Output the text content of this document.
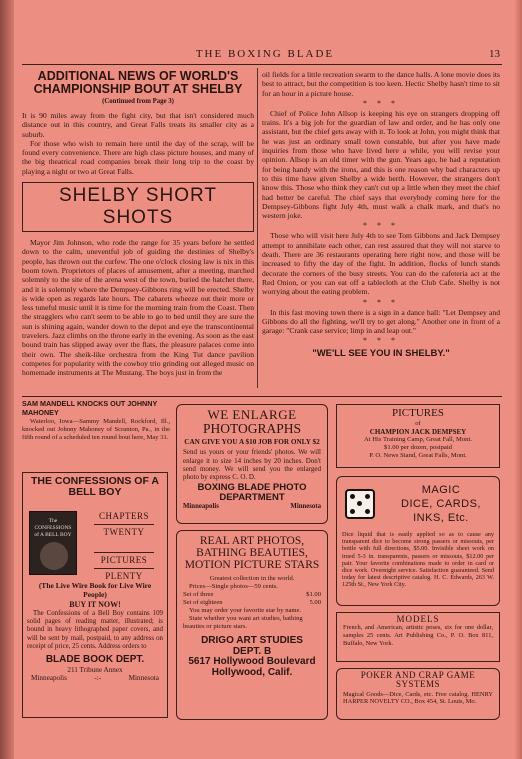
THE BOXING BLADE	13
ADDITIONAL NEWS OF WORLD'S CHAMPIONSHIP BOUT AT SHELBY
(Continued from Page 3)

It is 90 miles away from the fight city, but that isn't considered much distance out in this country, and Great Falls treats its smaller city as a suburb.

For those who wish to remain here until the day of the scrap, will be found every convenience. There are high class picture houses, and many of the big theatrical road companies break their long trip to the coast by playing a night or two at Great Falls.

SHELBY SHORT SHOTS

Mayor Jim Johnson, who rode the range for 35 years before he settled down to the calm, uneventful job of guiding the destinies of Shelby's people, has thrown out the curfew. The one o'clock closing law is nix in this boom town. Proprietors of places of amusement, after a meeting, marched solemnly to the site of the arena west of the town, buried the hatchet there, and it is solemnly where the Dempsey-Gibbons ring will be erected. Shelby is wide open as regards late hours. The cabarets wheeze out their more or less tuneful music until it is time for the morning train from the Coast. Then the stragglers who can't seem to be able to go to bed until they are sure the sun is shining again, wander down to the depot and eye the transcontinental travelers. Jazz climbs on the throne early in the evening. As soon as the east bound train has slipped away over the flats, the pleasure palaces come into their own. The sheik-like orchestra from the King Tut dance pavilion competes for popularity with the cowboy trio grinding out alleged music on homemade instruments at The Mustang. The boys just in from the

oil fields for a little recreation swarm to the dance halls. A lone movie does its best to attract, but the competition is too keen. Hectic Shelby hasn't time to sit for an hour in a picture house.

* * *

Chief of Police John Allsop is keeping his eye on strangers dropping off trains. It's a big job for the guardian of law and order, and he has only one assistant, but the chief gets away with it. To look at John, you might think that he was just an ordinary small town constable, but after you have made inquiries from those who have lived here a while, you will revise your opinion. Allsop is an old timer with the gun. Years ago, he had a reputation for being handy with the irons, and this is one reason why bad characters up to this time have given Shelby a wide berth. However, the strangers don't know this. Those who think they can't cut up a little when they meet the chief had better be careful. The chief says that everybody coming here for the Dempsey-Gibbons fight July 4th, must walk a chalk mark, and that's no western joke.

* * *

Those who will visit here July 4th to see Tom Gibbons and Jack Dempsey attempt to annihilate each other, can rest assured that they will not starve to death. There are 36 restaurants operating here right now, and those will be increased to fifty the day of the fight. In addition, flocks of lunch stands decorate the corners of the busy streets. You can do the cafeteria act at the Red Onion, or you can eat off a tablecloth at the Club Cafe. Shelby is not worrying about the eating problem.

* * *

In this fast moving town there is a sign in a dance hall: "Let Dempsey and Gibbons do all the fighting, we'll try to get along." Another one in front of a garage: "Crank case service; limp in and leap out."

* * *
"WE'LL SEE YOU IN SHELBY."
SAM MANDELL KNOCKS OUT JOHNNY MAHONEY

Waterloo, Iowa—Sammy Mandell, Rockford, Ill., knocked out Johnny Mahoney of Scranton, Pa., in the fifth round of a scheduled ten round bout here, May 31.

THE CONFESSIONS OF A BELL BOY
The CONFESSIONS of A BELL BOY
CHAPTERS
TWENTY
PICTURES
PLENTY
(The Live Wire Book for Live Wire People)
BUY IT NOW!

The Confessions of a Bell Boy contains 109 solid pages of reading matter, illustrated; is bound in heavy lithographed paper covers, and will be sent by mail, postpaid, to any address on receipt of price, 25 cents. Address orders to

BLADE BOOK DEPT.
211 Tribune Annex
Minneapolis	-:-	Minnesota
WE ENLARGE
PHOTOGRAPHS
CAN GIVE YOU A $10 JOB FOR ONLY $2

Send us yours or your friends' photos. We will enlarge it to size 14 inches by 20 inches. Don't send money. We will send you the enlarged photo by express C. O. D.

BOXING BLADE PHOTO
DEPARTMENT
Minneapolis	Minnesota
REAL ART PHOTOS, BATHING BEAUTIES, MOTION PICTURE STARS
Greatest collection in the world.
Prices—Single photos—59 cents.
Set of three	$1.00
Set of eighteen	5.00
You may order your favorite star by name.
State whether you want art studies, bathing beauties or picture stars.
DRIGO ART STUDIES
DEPT. B
5617 Hollywood Boulevard
Hollywood, Calif.
PICTURES
of
CHAMPION JACK DEMPSEY
At His Training Camp, Great Fall, Mont.
$1.00 per dozen, postpaid
P. O. News Stand, Great Falls, Mont.
MAGIC
DICE, CARDS,
INKS, Etc.

Dice liquid that is easily applied so as to cause any transparent dice to become strong passers or missouts, per bottle with full directions, $5.00. Invisible sheet work on trued 5-3 in. transparents, passers or missouts, $12.00 per pair. Your favorite combinations made to order in card or dice work. Overnight service. Satisfaction guaranteed. Send today for latest descriptive catalog. H. C. Edwards, 263 W. 125th St., New York City.

MODELS

French, and American, artistic poses, six for one dollar, samples 25 cents. Art Publishing Co., P. O. Box 811, Buffalo, New York.

POKER AND CRAP GAME SYSTEMS

Magical Goods—Dice, Cards, etc. Free catalog. HENRY HARPER NOVELTY CO., Box 454, St. Louis, Mo.
